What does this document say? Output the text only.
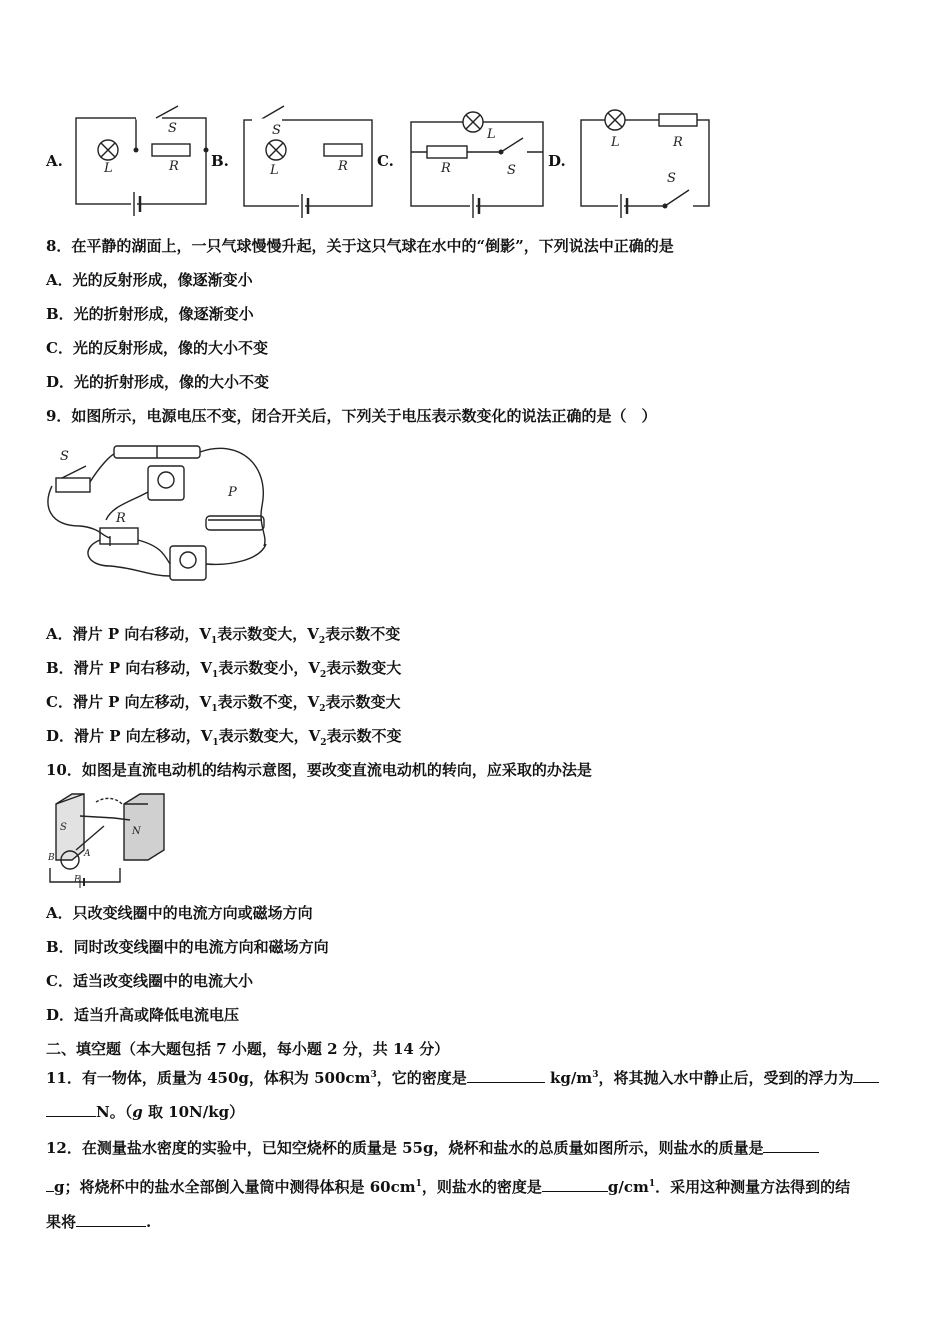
A.	B.	C.	D.
S
L	R
S
L	R
L
R	S
L	R
S
8．在平静的湖面上，一只气球慢慢升起，关于这只气球在水中的“倒影”，下列说法中正确的是
A．光的反射形成，像逐渐变小
B．光的折射形成，像逐渐变小
C．光的反射形成，像的大小不变
D．光的折射形成，像的大小不变
9．如图所示，电源电压不变，闭合开关后，下列关于电压表示数变化的说法正确的是（　）
S
R
P
A．滑片 P 向右移动，$V_1$表示数变大，$V_2$表示数不变
B．滑片 P 向右移动，$V_1$表示数变小，$V_2$表示数变大
C．滑片 P 向左移动，$V_1$表示数不变，$V_2$表示数变大
D．滑片 P 向左移动，$V_1$表示数变大，$V_2$表示数不变
10．如图是直流电动机的结构示意图，要改变直流电动机的转向，应采取的办法是
S	N
B	A
E
A．只改变线圈中的电流方向或磁场方向
B．同时改变线圈中的电流方向和磁场方向
C．适当改变线圈中的电流大小
D．适当升高或降低电流电压
二、填空题（本大题包括 7 小题，每小题 2 分，共 14 分）
11．有一物体，质量为 450g，体积为 $500cm^3$，它的密度是	$kg/m^3$，将其抛入水中静止后，受到的浮力为
N。（g 取 10N/kg）
12．在测量盐水密度的实验中，已知空烧杯的质量是 55g，烧杯和盐水的总质量如图所示，则盐水的质量是
g；将烧杯中的盐水全部倒入量筒中测得体积是 $60cm^1$，则盐水的密度是	$g/cm^1$．采用这种测量方法得到的结
果将	.
